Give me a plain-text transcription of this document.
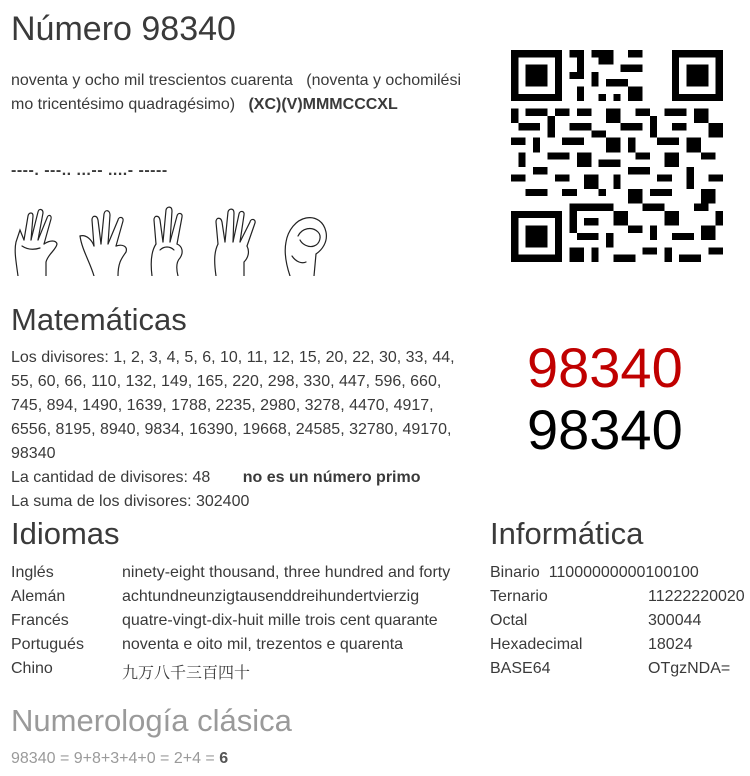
Número 98340
noventa y ocho mil trescientos cuarenta   (noventa y ochomilési
mo tricentésimo quadragésimo) (XC)(V)MMMCCCXL
----. ---.. ...-- ....- -----
Matemáticas
Los divisores: 1, 2, 3, 4, 5, 6, 10, 11, 12, 15, 20, 22, 30, 33, 44,
55, 60, 66, 110, 132, 149, 165, 220, 298, 330, 447, 596, 660,
745, 894, 1490, 1639, 1788, 2235, 2980, 3278, 4470, 4917,
6556, 8195, 8940, 9834, 16390, 19668, 24585, 32780, 49170,
98340
La cantidad de divisores: 48 no es un número primo
La suma de los divisores: 302400
98340
98340
Idiomas
Inglés	ninety-eight thousand, three hundred and forty
Alemán	achtundneunzigtausenddreihundertvierzig
Francés	quatre-vingt-dix-huit mille trois cent quarante
Portugués noventa e oito mil, trezentos e quarenta
Chino	九万八千三百四十
Informática
Binario  11000000000100100
Ternario	11222220020
Octal	300044
Hexadecimal	18024
BASE64	OTgzNDA=
Numerología clásica
98340 = 9+8+3+4+0 = 2+4 = 6
